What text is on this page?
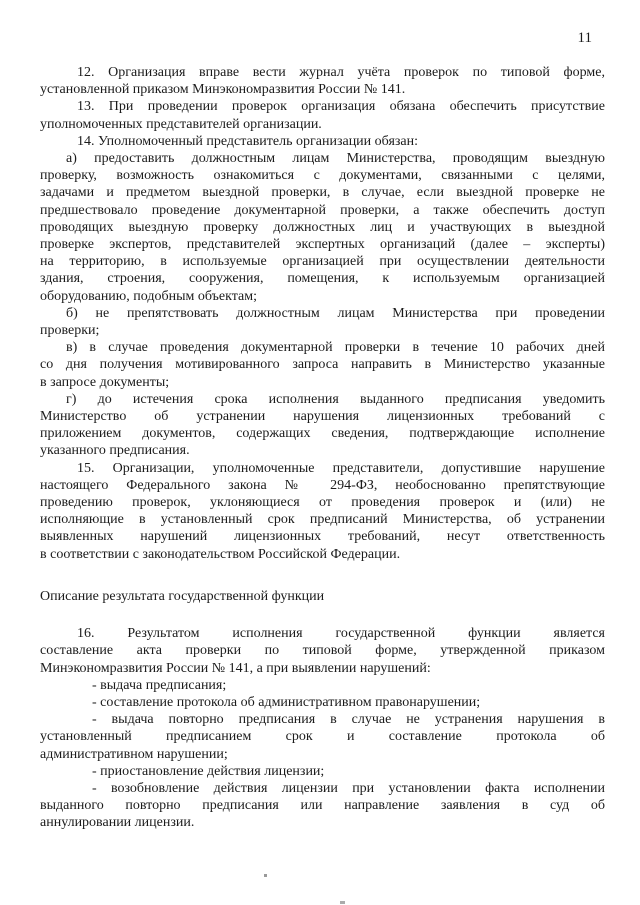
11
12. Организация вправе вести журнал учёта проверок по типовой форме,
установленной приказом Минэкономразвития России № 141.
13. При проведении проверок организация обязана обеспечить присутствие
уполномоченных представителей организации.
14. Уполномоченный представитель организации обязан:
а) предоставить должностным лицам Министерства, проводящим выездную
проверку, возможность ознакомиться с документами, связанными с целями,
задачами и предметом выездной проверки, в случае, если выездной проверке не
предшествовало проведение документарной проверки, а также обеспечить доступ
проводящих выездную проверку должностных лиц и участвующих в выездной
проверке экспертов, представителей экспертных организаций (далее – эксперты)
на территорию, в используемые организацией при осуществлении деятельности
здания, строения, сооружения, помещения, к используемым организацией
оборудованию, подобным объектам;
б) не препятствовать должностным лицам Министерства при проведении
проверки;
в) в случае проведения документарной проверки в течение 10 рабочих дней
со дня получения мотивированного запроса направить в Министерство указанные
в запросе документы;
г) до истечения срока исполнения выданного предписания уведомить
Министерство об устранении нарушения лицензионных требований с
приложением документов, содержащих сведения, подтверждающие исполнение
указанного предписания.
15. Организации, уполномоченные представители, допустившие нарушение
настоящего Федерального закона № 294-ФЗ, необоснованно препятствующие
проведению проверок, уклоняющиеся от проведения проверок и (или) не
исполняющие в установленный срок предписаний Министерства, об устранении
выявленных нарушений лицензионных требований, несут ответственность
в соответствии с законодательством Российской Федерации.
Описание результата государственной функции
16. Результатом исполнения государственной функции является
составление акта проверки по типовой форме, утвержденной приказом
Минэкономразвития России № 141, а при выявлении нарушений:
- выдача предписания;
- составление протокола об административном правонарушении;
- выдача повторно предписания в случае не устранения нарушения в
установленный предписанием срок и составление протокола об
административном нарушении;
- приостановление действия лицензии;
- возобновление действия лицензии при установлении факта исполнении
выданного повторно предписания или направление заявления в суд об
аннулировании лицензии.
